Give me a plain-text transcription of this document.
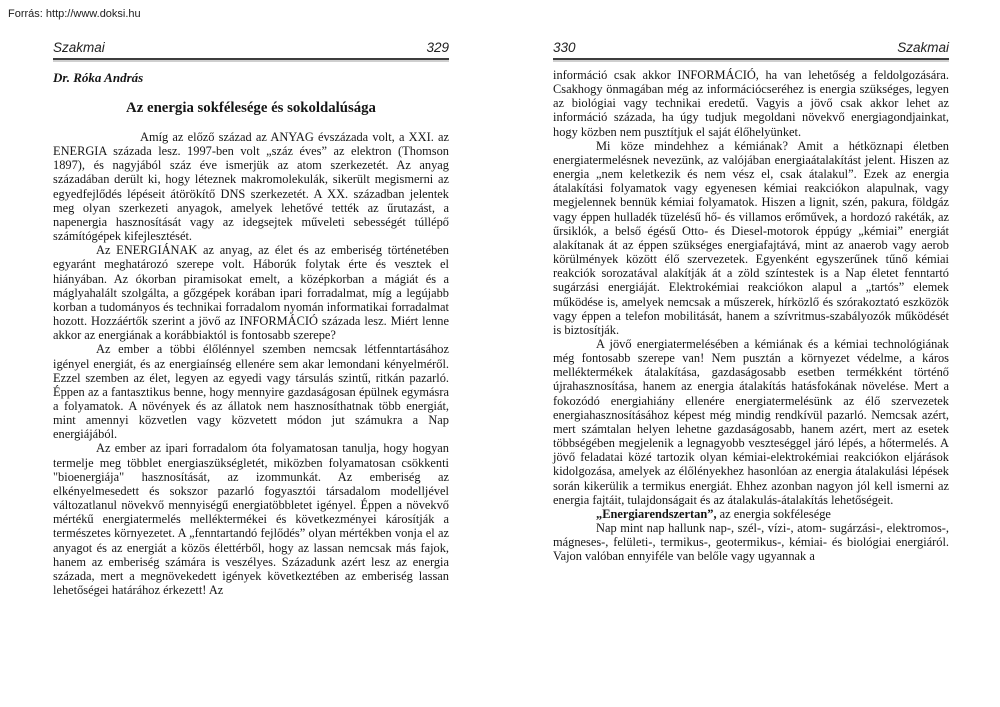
Forrás: http://www.doksi.hu
Szakmai	329
Dr. Róka András
Az energia sokfélesége és sokoldalúsága

Amíg az előző század az ANYAG évszázada volt, a XXI. az ENERGIA százada lesz. 1997-ben volt „száz éves” az elektron (Thomson 1897), és nagyjából száz éve ismerjük az atom szerkezetét. Az anyag századában derült ki, hogy léteznek makromolekulák, sikerült megismerni az egyedfejlődés lépéseit átörökítő DNS szerkezetét. A XX. században jelentek meg olyan szerkezeti anyagok, amelyek lehetővé tették az űrutazást, a napenergia hasznosítását vagy az idegsejtek műveleti sebességét túllépő számítógépek kifejlesztését.

Az ENERGIÁNAK az anyag, az élet és az emberiség történetében egyaránt meghatározó szerepe volt. Háborúk folytak érte és vesztek el hiányában. Az ókorban piramisokat emelt, a középkorban a mágiát és a máglyahalált szolgálta, a gőzgépek korában ipari forradalmat, míg a legújabb korban a tudományos és technikai forradalom nyomán informatikai forradalmat hozott. Hozzáértők szerint a jövő az INFORMÁCIÓ százada lesz. Miért lenne akkor az energiának a korábbiaktól is fontosabb szerepe?

Az ember a többi élőlénnyel szemben nemcsak létfenntartásához igényel energiát, és az energiaínség ellenére sem akar lemondani kényelméről. Ezzel szemben az élet, legyen az egyedi vagy társulás szintű, ritkán pazarló. Éppen az a fantasztikus benne, hogy mennyire gazdaságosan épülnek egymásra a folyamatok. A növények és az állatok nem hasznosíthatnak több energiát, mint amennyi közvetlen vagy közvetett módon jut számukra a Nap energiájából.

Az ember az ipari forradalom óta folyamatosan tanulja, hogy hogyan termelje meg többlet energiaszükségletét, miközben folyamatosan csökkenti "bioenergiája" hasznosítását, az izommunkát. Az emberiség az elkényelmesedett és sokszor pazarló fogyasztói társadalom modelljével változatlanul növekvő mennyiségű energiatöbbletet igényel. Éppen a növekvő mértékű energiatermelés melléktermékei és következményei károsítják a természetes környezetet. A „fenntartandó fejlődés” olyan mértékben vonja el az anyagot és az energiát a közös élettérből, hogy az lassan nemcsak más fajok, hanem az emberiség számára is veszélyes. Századunk azért lesz az energia százada, mert a megnövekedett igények következtében az emberiség lassan lehetőségei határához érkezett! Az

330	Szakmai

információ csak akkor INFORMÁCIÓ, ha van lehetőség a feldolgozására. Csakhogy önmagában még az információcseréhez is energia szükséges, legyen az biológiai vagy technikai eredetű. Vagyis a jövő csak akkor lehet az információ százada, ha úgy tudjuk megoldani növekvő energiagondjainkat, hogy közben nem pusztítjuk el saját élőhelyünket.

Mi köze mindehhez a kémiának? Amit a hétköznapi életben energiatermelésnek nevezünk, az valójában energiaátalakítást jelent. Hiszen az energia „nem keletkezik és nem vész el, csak átalakul”. Ezek az energia átalakítási folyamatok vagy egyenesen kémiai reakciókon alapulnak, vagy megjelennek bennük kémiai folyamatok. Hiszen a lignit, szén, pakura, földgáz vagy éppen hulladék tüzelésű hő- és villamos erőművek, a hordozó rakéták, az űrsiklók, a belső égésű Otto- és Diesel-motorok éppúgy „kémiai” energiát alakítanak át az éppen szükséges energiafajtává, mint az anaerob vagy aerob körülmények között élő szervezetek. Egyenként egyszerűnek tűnő kémiai reakciók sorozatával alakítják át a zöld színtestek is a Nap életet fenntartó sugárzási energiáját. Elektrokémiai reakciókon alapul a „tartós” elemek működése is, amelyek nemcsak a műszerek, hírközlő és szórakoztató eszközök vagy éppen a telefon mobilitását, hanem a szívritmus-szabályozók működését is biztosítják.

A jövő energiatermelésében a kémiának és a kémiai technológiának még fontosabb szerepe van! Nem pusztán a környezet védelme, a káros melléktermékek átalakítása, gazdaságosabb esetben termékként történő újrahasznosítása, hanem az energia átalakítás hatásfokának növelése. Mert a fokozódó energiahiány ellenére energiatermelésünk az élő szervezetek energiahasznosításához képest még mindig rendkívül pazarló. Nemcsak azért, mert számtalan helyen lehetne gazdaságosabb, hanem azért, mert az esetek többségében megjelenik a legnagyobb veszteséggel járó lépés, a hőtermelés. A jövő feladatai közé tartozik olyan kémiai-elektrokémiai reakciókon eljárások kidolgozása, amelyek az élőlényekhez hasonlóan az energia átalakulási lépések során kikerülik a termikus energiát. Ehhez azonban nagyon jól kell ismerni az energia fajtáit, tulajdonságait és az átalakulás-átalakítás lehetőségeit.

„Energiarendszertan”, az energia sokfélesége

Nap mint nap hallunk nap-, szél-, vízi-, atom- sugárzási-, elektromos-, mágneses-, felületi-, termikus-, geotermikus-, kémiai- és biológiai energiáról. Vajon valóban ennyiféle van belőle vagy ugyannak a
